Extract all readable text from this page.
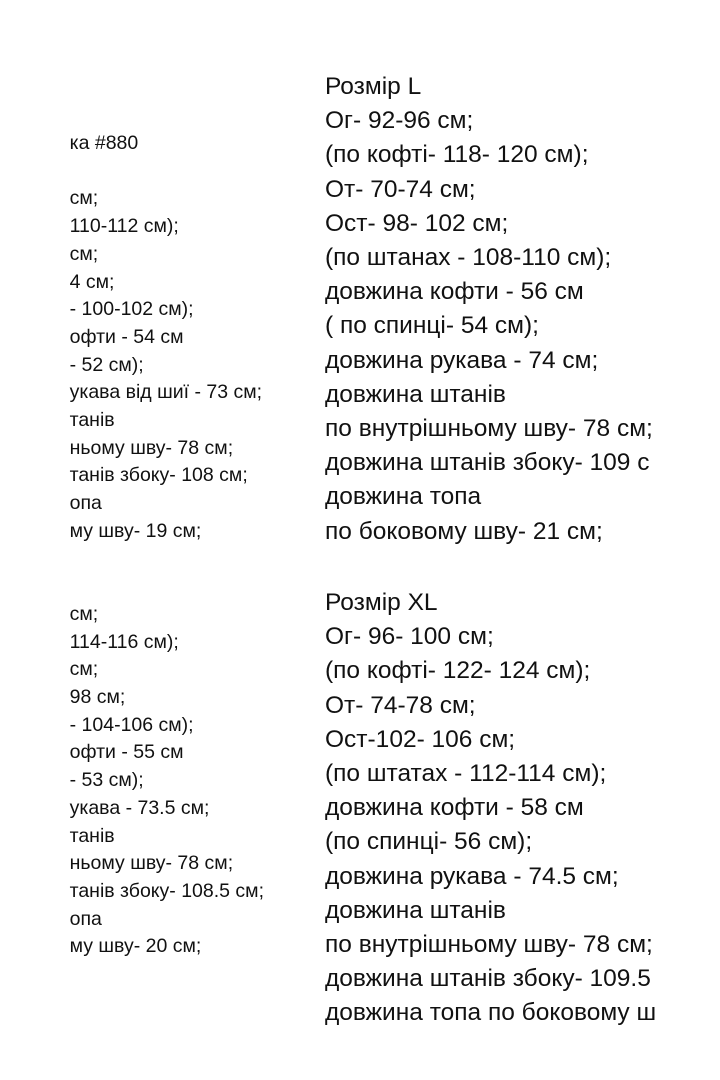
ка #880
см;
110-112 см);
см;
4 см;
- 100-102 см);
офти - 54 см
- 52 см);
укава від шиї - 73 см;
танів
ньому шву- 78 см;
танів збоку- 108 см;
опа
му шву- 19 см;
см;
114-116 см);
см;
98 см;
- 104-106 см);
офти - 55 см
- 53 см);
укава - 73.5 см;
танів
ньому шву- 78 см;
танів збоку- 108.5 см;
опа
му шву- 20 см;
Розмір L
Ог- 92-96 см;
(по кофті- 118- 120 см);
От- 70-74 см;
Ост- 98- 102 см;
(по штанах - 108-110 см);
довжина кофти - 56 см
( по спинці- 54 см);
довжина рукава - 74 см;
довжина штанів
по внутрішньому шву- 78 см;
довжина штанів збоку- 109 с
довжина топа
по боковому шву- 21 см;
Розмір XL
Ог- 96- 100 см;
(по кофті- 122- 124 см);
От- 74-78 см;
Ост-102- 106 см;
(по штатах - 112-114 см);
довжина кофти - 58 см
(по спинці- 56 см);
довжина рукава - 74.5 см;
довжина штанів
по внутрішньому шву- 78 см;
довжина штанів збоку- 109.5
довжина топа по боковому ш
